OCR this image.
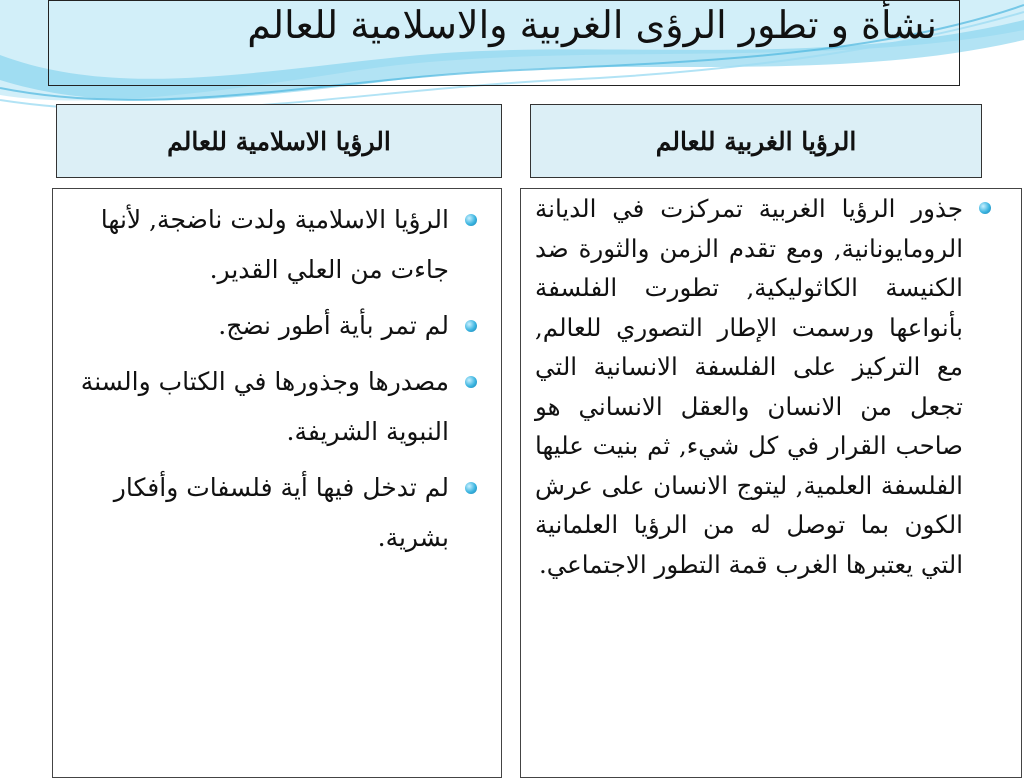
نشأة و تطور الرؤى الغربية والاسلامية للعالم
الرؤيا الغربية للعالم
الرؤيا الاسلامية للعالم
جذور الرؤيا الغربية تمركزت في الديانة الرومايونانية, ومع تقدم الزمن والثورة ضد الكنيسة الكاثوليكية, تطورت الفلسفة بأنواعها ورسمت الإطار التصوري للعالم, مع التركيز على الفلسفة الانسانية التي تجعل من الانسان والعقل الانساني هو صاحب القرار في كل شيء, ثم بنيت عليها الفلسفة العلمية, ليتوج الانسان على عرش الكون بما توصل له من الرؤيا العلمانية التي يعتبرها الغرب قمة التطور الاجتماعي.
الرؤيا الاسلامية ولدت ناضجة, لأنها جاءت من العلي القدير.
لم تمر بأية أطور نضج.
مصدرها وجذورها في الكتاب والسنة النبوية الشريفة.
لم تدخل فيها أية فلسفات وأفكار بشرية.
